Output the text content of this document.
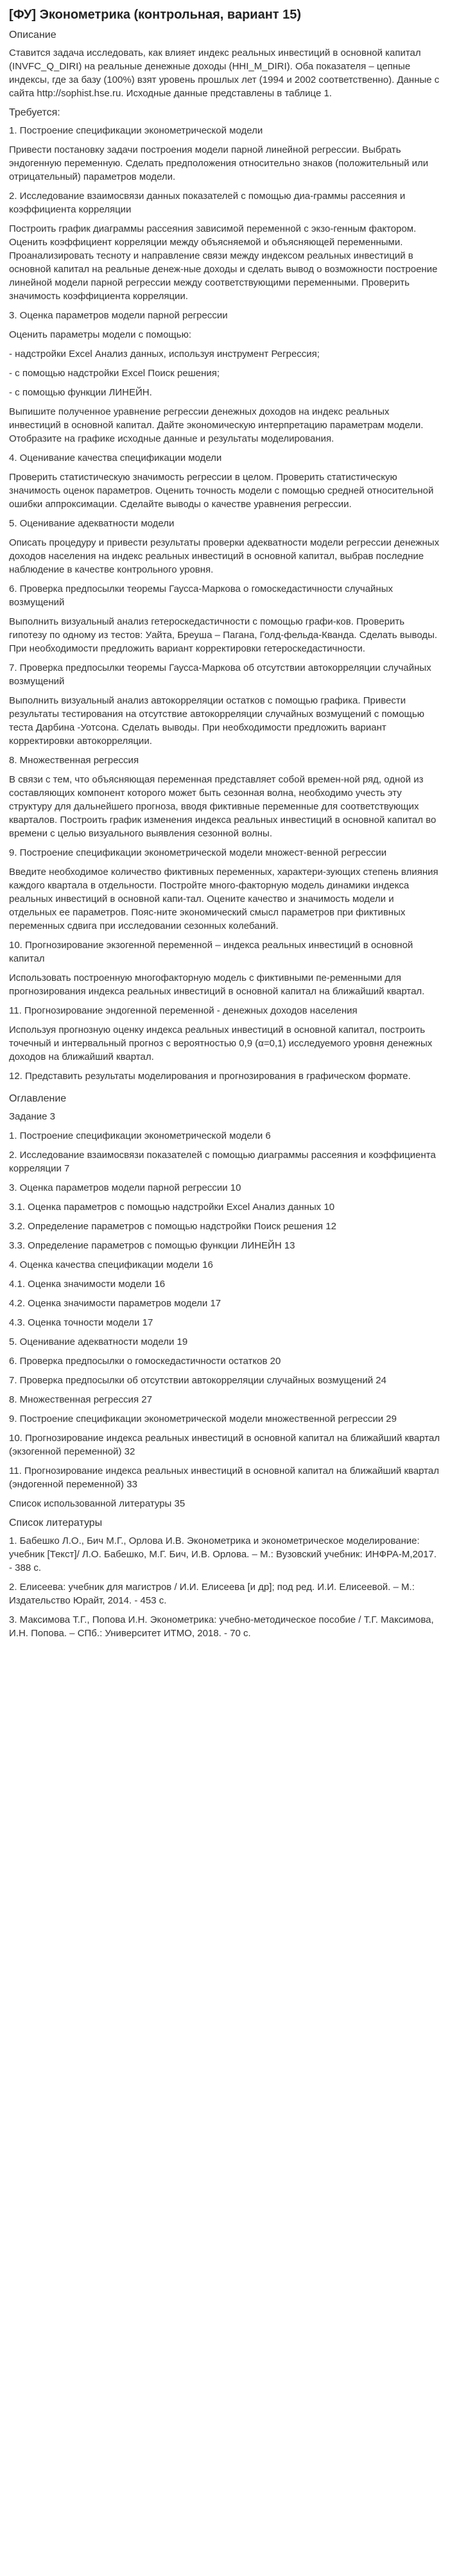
[ФУ] Эконометрика (контрольная, вариант 15)
Описание

Ставится задача исследовать, как влияет индекс реальных инвестиций в основной капитал (INVFC_Q_DIRI) на реальные денежные доходы (HHI_M_DIRI). Оба показателя – цепные индексы, где за базу (100%) взят уровень прошлых лет (1994 и 2002 соответственно). Данные с сайта http://sophist.hse.ru. Исходные данные представлены в таблице 1.

Требуется:

1. Построение спецификации эконометрической модели

Привести постановку задачи построения модели парной линейной регрессии. Выбрать эндогенную переменную. Сделать предположения относительно знаков (положительный или отрицательный) параметров модели.

2. Исследование взаимосвязи данных показателей с помощью диа-граммы рассеяния и коэффициента корреляции

Построить график диаграммы рассеяния зависимой переменной с экзо-генным фактором. Оценить коэффициент корреляции между объясняемой и объясняющей переменными. Проанализировать тесноту и направление связи между индексом реальных инвестиций в основной капитал на реальные денеж-ные доходы и сделать вывод о возможности построение линейной модели парной регрессии между соответствующими переменными. Проверить значимость коэффициента корреляции.

3. Оценка параметров модели парной регрессии

Оценить параметры модели с помощью:

- надстройки Excel Анализ данных, используя инструмент Регрессия;

- с помощью надстройки Excel Поиск решения;

- с помощью функции ЛИНЕЙН.

Выпишите полученное уравнение регрессии денежных доходов на индекс реальных инвестиций в основной капитал. Дайте экономическую интерпретацию параметрам модели. Отобразите на графике исходные данные и результаты моделирования.

4. Оценивание качества спецификации модели

Проверить статистическую значимость регрессии в целом. Проверить статистическую значимость оценок параметров. Оценить точность модели с помощью средней относительной ошибки аппроксимации. Сделайте выводы о качестве уравнения регрессии.

5. Оценивание адекватности модели

Описать процедуру и привести результаты проверки адекватности модели регрессии денежных доходов населения на индекс реальных инвестиций в основной капитал, выбрав последние наблюдение в качестве контрольного уровня.

6. Проверка предпосылки теоремы Гаусса-Маркова о гомоскедастичности случайных возмущений

Выполнить визуальный анализ гетероскедастичности с помощью графи-ков. Проверить гипотезу по одному из тестов: Уайта, Бреуша – Пагана, Голд-фельда-Кванда. Сделать выводы. При необходимости предложить вариант корректировки гетероскедастичности.

7. Проверка предпосылки теоремы Гаусса-Маркова об отсутствии автокорреляции случайных возмущений

Выполнить визуальный анализ автокорреляции остатков с помощью графика. Привести результаты тестирования на отсутствие автокорреляции случайных возмущений с помощью теста Дарбина -Уотсона. Сделать выводы. При необходимости предложить вариант корректировки автокорреляции.

8. Множественная регрессия

В связи с тем, что объясняющая переменная представляет собой времен-ной ряд, одной из составляющих компонент которого может быть сезонная волна, необходимо учесть эту структуру для дальнейшего прогноза, вводя фиктивные переменные для соответствующих кварталов. Построить график изменения индекса реальных инвестиций в основной капитал во времени с целью визуального выявления сезонной волны.

9. Построение спецификации эконометрической модели множест-венной регрессии

Введите необходимое количество фиктивных переменных, характери-зующих степень влияния каждого квартала в отдельности. Постройте много-факторную модель динамики индекса реальных инвестиций в основной капи-тал. Оцените качество и значимость модели и отдельных ее параметров. Пояс-ните экономический смысл параметров при фиктивных переменных сдвига при исследовании сезонных колебаний.

10. Прогнозирование экзогенной переменной – индекса реальных инвестиций в основной капитал

Использовать построенную многофакторную модель с фиктивными пе-ременными для прогнозирования индекса реальных инвестиций в основной капитал на ближайший квартал.

11. Прогнозирование эндогенной переменной - денежных доходов населения

Используя прогнозную оценку индекса реальных инвестиций в основной капитал, построить точечный и интервальный прогноз с вероятностью 0,9 (α=0,1) исследуемого уровня денежных доходов на ближайший квартал.

12. Представить результаты моделирования и прогнозирования в графическом формате.

Оглавление
Задание 3
1. Построение спецификации эконометрической модели 6
2. Исследование взаимосвязи показателей с помощью диаграммы рассеяния и коэффициента корреляции 7
3. Оценка параметров модели парной регрессии 10
3.1. Оценка параметров с помощью надстройки Excel Анализ данных 10
3.2. Определение параметров с помощью надстройки Поиск решения 12
3.3. Определение параметров с помощью функции ЛИНЕЙН 13
4. Оценка качества спецификации модели 16
4.1. Оценка значимости модели 16
4.2. Оценка значимости параметров модели 17
4.3. Оценка точности модели 17
5. Оценивание адекватности модели 19
6. Проверка предпосылки о гомоскедастичности остатков 20
7. Проверка предпосылки об отсутствии автокорреляции случайных возмущений 24
8. Множественная регрессия 27
9. Построение спецификации эконометрической модели множественной регрессии 29
10. Прогнозирование индекса реальных инвестиций в основной капитал на ближайший квартал (экзогенной переменной) 32
11. Прогнозирование индекса реальных инвестиций в основной капитал на ближайший квартал (эндогенной переменной) 33
Список использованной литературы 35
Список литературы
1. Бабешко Л.О., Бич М.Г., Орлова И.В. Эконометрика и эконометрическое моделирование: учебник [Текст]/ Л.О. Бабешко, М.Г. Бич, И.В. Орлова. – М.: Вузовский учебник: ИНФРА-М,2017. - 388 с.
2. Елисеева: учебник для магистров / И.И. Елисеева [и др]; под ред. И.И. Елисеевой. – М.: Издательство Юрайт, 2014. - 453 с.
3. Максимова Т.Г., Попова И.Н. Эконометрика: учебно-методическое пособие / Т.Г. Максимова, И.Н. Попова. – СПб.: Университет ИТМО, 2018. - 70 с.
